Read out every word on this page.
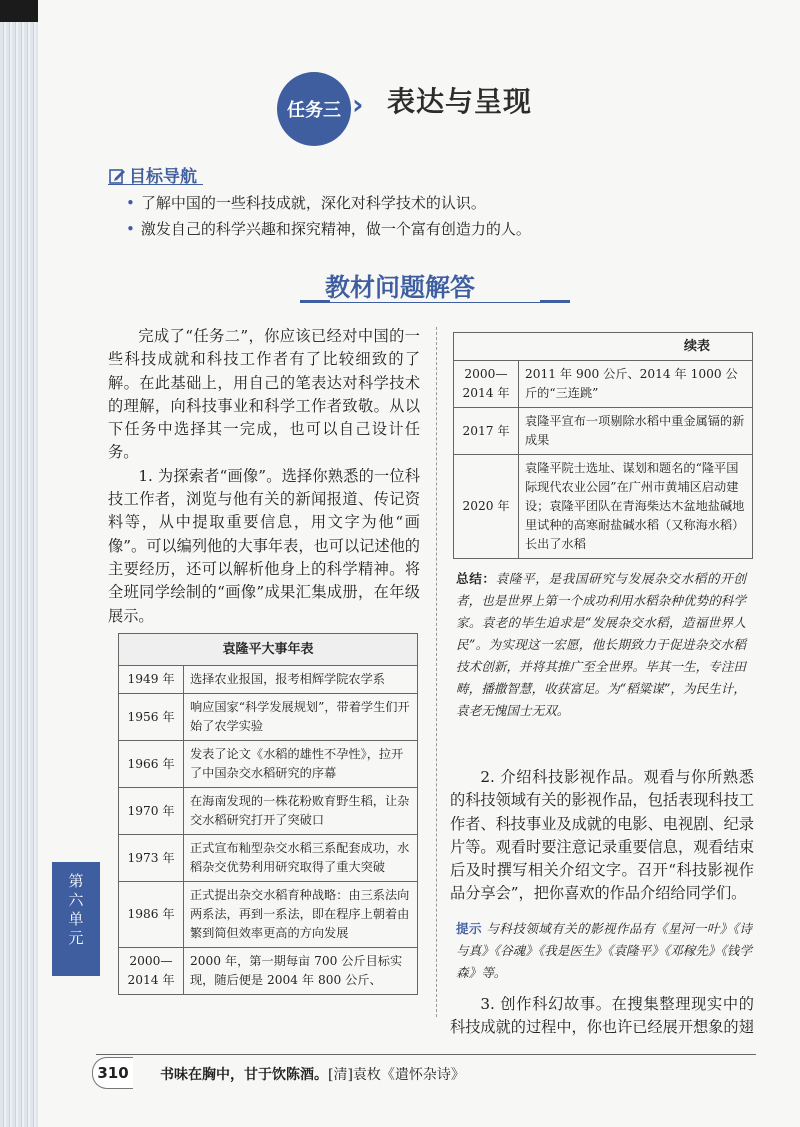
任务三 › 表达与呈现
目标导航
• 了解中国的一些科技成就，深化对科学技术的认识。
• 激发自己的科学兴趣和探究精神，做一个富有创造力的人。
教材问题解答

完成了“任务二”，你应该已经对中国的一些科技成就和科技工作者有了比较细致的了解。在此基础上，用自己的笔表达对科学技术的理解，向科技事业和科学工作者致敬。从以下任务中选择其一完成，也可以自己设计任务。

1. 为探索者“画像”。选择你熟悉的一位科技工作者，浏览与他有关的新闻报道、传记资料等，从中提取重要信息，用文字为他“画像”。可以编列他的大事年表，也可以记述他的主要经历，还可以解析他身上的科学精神。将全班同学绘制的“画像”成果汇集成册，在年级展示。

袁隆平大事年表	
1949 年	选择农业报国，报考相辉学院农学系
1956 年	响应国家“科学发展规划”，带着学生们开始了农学实验
1966 年	发表了论文《水稻的雄性不孕性》，拉开了中国杂交水稻研究的序幕
1970 年	在海南发现的一株花粉败育野生稻，让杂交水稻研究打开了突破口
1973 年	正式宣布籼型杂交水稻三系配套成功，水稻杂交优势利用研究取得了重大突破
1986 年	正式提出杂交水稻育种战略：由三系法向两系法，再到一系法，即在程序上朝着由繁到简但效率更高的方向发展
2000—2014 年	2000 年，第一期每亩 700 公斤目标实现，随后便是 2004 年 800 公斤、
续表	
2000—2014 年	2011 年 900 公斤、2014 年 1000 公斤的“三连跳”
2017 年	袁隆平宣布一项剔除水稻中重金属镉的新成果
2020 年	袁隆平院士选址、谋划和题名的“隆平国际现代农业公园”在广州市黄埔区启动建设；袁隆平团队在青海柴达木盆地盐碱地里试种的高寒耐盐碱水稻（又称海水稻）长出了水稻
总结：袁隆平，是我国研究与发展杂交水稻的开创者，也是世界上第一个成功利用水稻杂种优势的科学家。袁老的毕生追求是“发展杂交水稻，造福世界人民”。为实现这一宏愿，他长期致力于促进杂交水稻技术创新，并将其推广至全世界。毕其一生，专注田畴，播撒智慧，收获富足。为“稻粱谋”，为民生计，袁老无愧国士无双。

2. 介绍科技影视作品。观看与你所熟悉的科技领域有关的影视作品，包括表现科技工作者、科技事业及成就的电影、电视剧、纪录片等。观看时要注意记录重要信息，观看结束后及时撰写相关介绍文字。召开“科技影视作品分享会”，把你喜欢的作品介绍给同学们。

提示 与科技领域有关的影视作品有《星河一叶》《诗与真》《谷魂》《我是医生》《袁隆平》《邓稼先》《钱学森》等。

3. 创作科幻故事。在搜集整理现实中的科技成就的过程中，你也许已经展开想象的翅

第
六
单
元
310	书味在胸中，甘于饮陈酒。[清]袁枚《遣怀杂诗》
